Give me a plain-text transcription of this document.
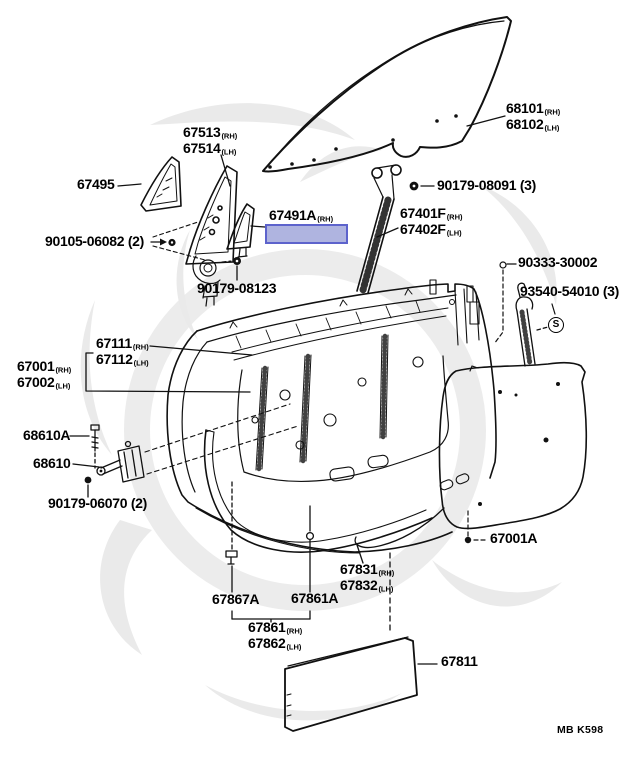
68101(RH)
68102(LH)
67513(RH)
67514(LH)
67495
90105-06082 (2)
67491A(RH)	67401F(RH)
67402F(LH)
90179-08091 (3)
90179-08123
90333-30002
93540-54010 (3)
S
67111(RH)
67112(LH)
67001(RH)
67002(LH)
68610A
68610
90179-06070 (2)
67867A 67861A
67861(RH)
67862(LH)
67831(RH)
67832(LH)
67001A
67811
MB K598
